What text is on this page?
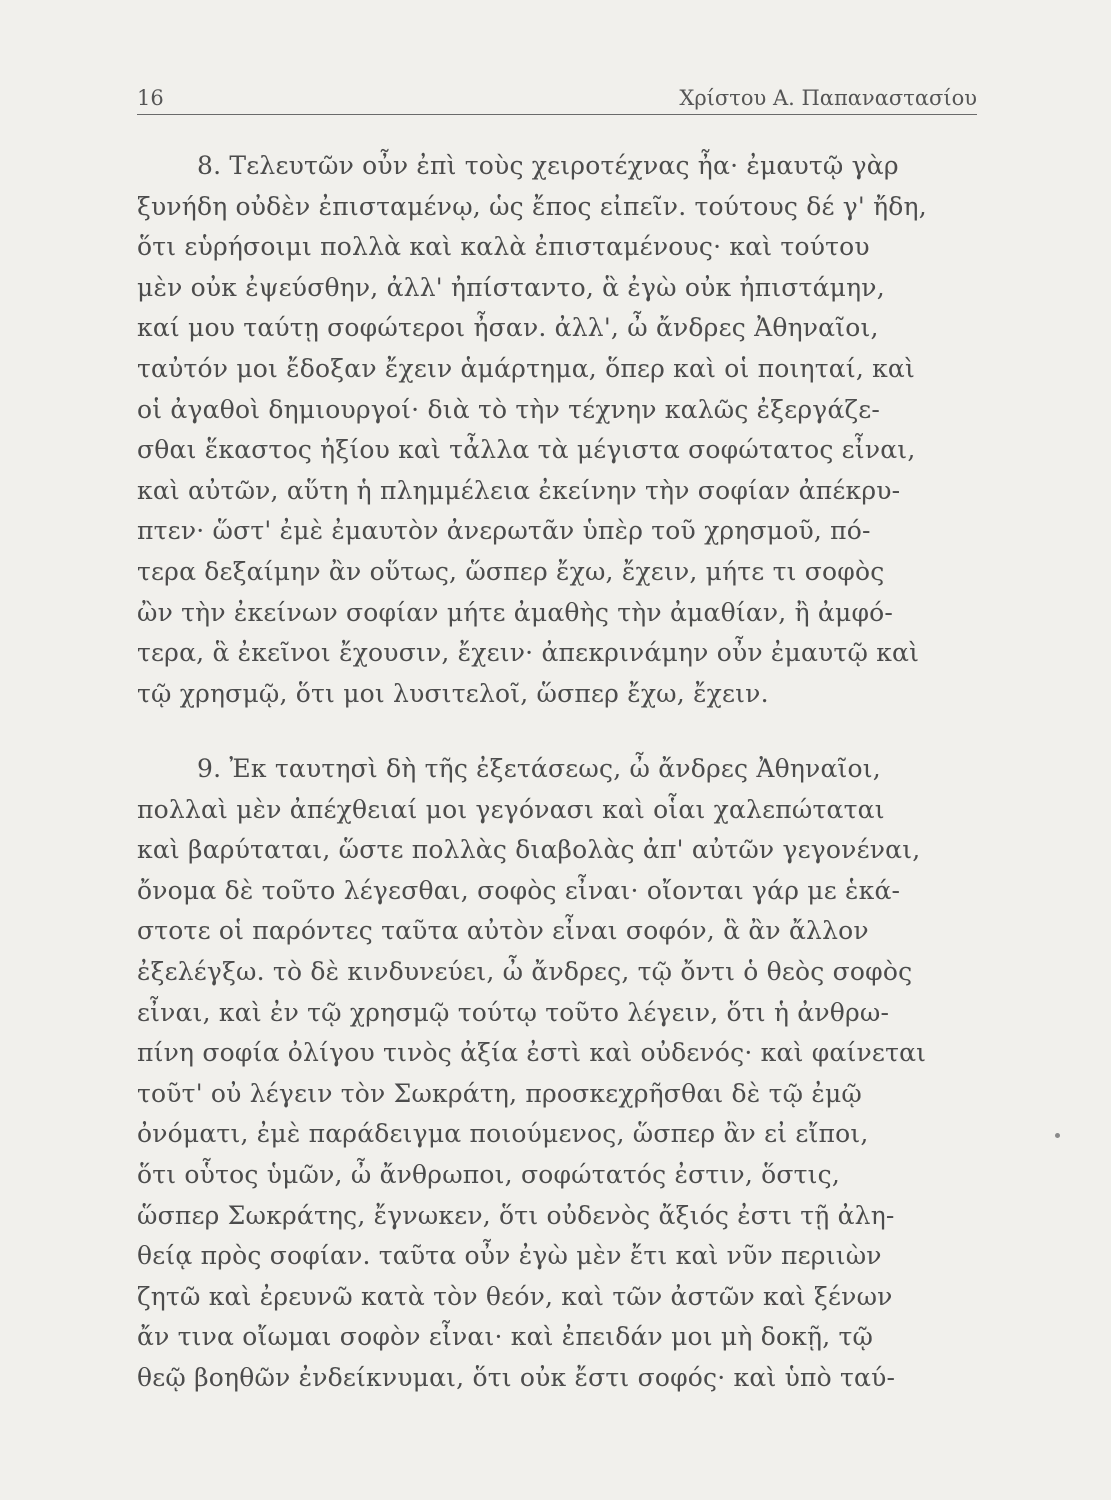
16	Χρίστου Α. Παπαναστασίου
8. Τελευτῶν οὖν ἐπὶ τοὺς χειροτέχνας ἦα· ἐμαυτῷ γὰρ
ξυνήδη οὐδὲν ἐπισταμένῳ, ὡς ἔπος εἰπεῖν. τούτους δέ γ' ἤδη,
ὅτι εὑρήσοιμι πολλὰ καὶ καλὰ ἐπισταμένους· καὶ τούτου
μὲν οὐκ ἐψεύσθην, ἀλλ' ἠπίσταντο, ἃ ἐγὼ οὐκ ἠπιστάμην,
καί μου ταύτῃ σοφώτεροι ἦσαν. ἀλλ', ὦ ἄνδρες Ἀθηναῖοι,
ταὐτόν μοι ἔδοξαν ἔχειν ἁμάρτημα, ὅπερ καὶ οἱ ποιηταί, καὶ
οἱ ἀγαθοὶ δημιουργοί· διὰ τὸ τὴν τέχνην καλῶς ἐξεργάζε-
σθαι ἕκαστος ἠξίου καὶ τἆλλα τὰ μέγιστα σοφώτατος εἶναι,
καὶ αὐτῶν, αὕτη ἡ πλημμέλεια ἐκείνην τὴν σοφίαν ἀπέκρυ-
πτεν· ὥστ' ἐμὲ ἐμαυτὸν ἀνερωτᾶν ὑπὲρ τοῦ χρησμοῦ, πό-
τερα δεξαίμην ἂν οὕτως, ὥσπερ ἔχω, ἔχειν, μήτε τι σοφὸς
ὢν τὴν ἐκείνων σοφίαν μήτε ἀμαθὴς τὴν ἀμαθίαν, ἢ ἀμφό-
τερα, ἃ ἐκεῖνοι ἔχουσιν, ἔχειν· ἀπεκρινάμην οὖν ἐμαυτῷ καὶ
τῷ χρησμῷ, ὅτι μοι λυσιτελοῖ, ὥσπερ ἔχω, ἔχειν.
9. Ἐκ ταυτησὶ δὴ τῆς ἐξετάσεως, ὦ ἄνδρες Ἀθηναῖοι,
πολλαὶ μὲν ἀπέχθειαί μοι γεγόνασι καὶ οἷαι χαλεπώταται
καὶ βαρύταται, ὥστε πολλὰς διαβολὰς ἀπ' αὐτῶν γεγονέναι,
ὄνομα δὲ τοῦτο λέγεσθαι, σοφὸς εἶναι· οἴονται γάρ με ἑκά-
στοτε οἱ παρόντες ταῦτα αὐτὸν εἶναι σοφόν, ἃ ἂν ἄλλον
ἐξελέγξω. τὸ δὲ κινδυνεύει, ὦ ἄνδρες, τῷ ὄντι ὁ θεὸς σοφὸς
εἶναι, καὶ ἐν τῷ χρησμῷ τούτῳ τοῦτο λέγειν, ὅτι ἡ ἀνθρω-
πίνη σοφία ὀλίγου τινὸς ἀξία ἐστὶ καὶ οὐδενός· καὶ φαίνεται
τοῦτ' οὐ λέγειν τὸν Σωκράτη, προσκεχρῆσθαι δὲ τῷ ἐμῷ
ὀνόματι, ἐμὲ παράδειγμα ποιούμενος, ὥσπερ ἂν εἰ εἴποι,
ὅτι οὗτος ὑμῶν, ὦ ἄνθρωποι, σοφώτατός ἐστιν, ὅστις,
ὥσπερ Σωκράτης, ἔγνωκεν, ὅτι οὐδενὸς ἄξιός ἐστι τῇ ἀλη-
θείᾳ πρὸς σοφίαν. ταῦτα οὖν ἐγὼ μὲν ἔτι καὶ νῦν περιιὼν
ζητῶ καὶ ἐρευνῶ κατὰ τὸν θεόν, καὶ τῶν ἀστῶν καὶ ξένων
ἄν τινα οἴωμαι σοφὸν εἶναι· καὶ ἐπειδάν μοι μὴ δοκῇ, τῷ
θεῷ βοηθῶν ἐνδείκνυμαι, ὅτι οὐκ ἔστι σοφός· καὶ ὑπὸ ταύ-
